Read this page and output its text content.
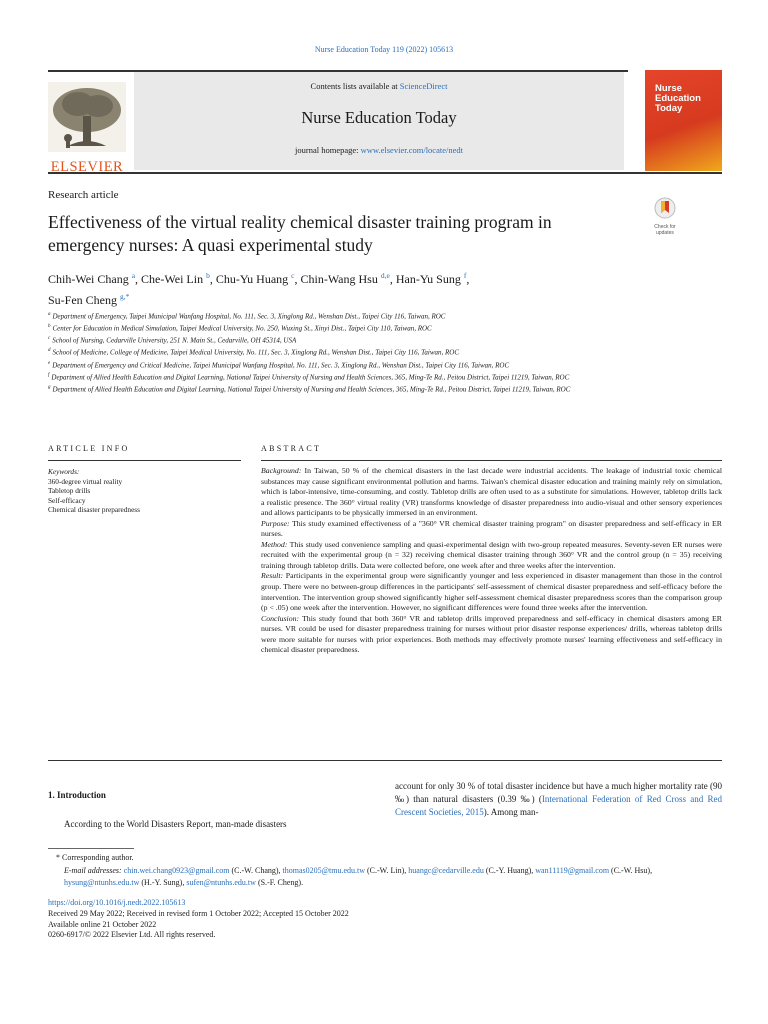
Nurse Education Today 119 (2022) 105613
ELSEVIER
Contents lists available at ScienceDirect
Nurse Education Today
journal homepage: www.elsevier.com/locate/nedt
Nurse Education Today
Research article
Effectiveness of the virtual reality chemical disaster training program in emergency nurses: A quasi experimental study
Check for updates
Chih-Wei Chang $^a$, Che-Wei Lin $^b$, Chu-Yu Huang $^c$, Chin-Wang Hsu $^{d,e}$, Han-Yu Sung $^f$,
Su-Fen Cheng $^{g,*}$
$^a$ Department of Emergency, Taipei Municipal Wanfang Hospital, No. 111, Sec. 3, Xinglong Rd., Wenshan Dist., Taipei City 116, Taiwan, ROC
$^b$ Center for Education in Medical Simulation, Taipei Medical University, No. 250, Wuxing St., Xinyi Dist., Taipei City 110, Taiwan, ROC
$^c$ School of Nursing, Cedarville University, 251 N. Main St., Cedarville, OH 45314, USA
$^d$ School of Medicine, College of Medicine, Taipei Medical University, No. 111, Sec. 3, Xinglong Rd., Wenshan Dist., Taipei City 116, Taiwan, ROC
$^e$ Department of Emergency and Critical Medicine, Taipei Municipal Wanfang Hospital, No. 111, Sec. 3, Xinglong Rd., Wenshan Dist., Taipei City 116, Taiwan, ROC
$^f$ Department of Allied Health Education and Digital Learning, National Taipei University of Nursing and Health Sciences, 365, Ming-Te Rd., Peitou District, Taipei 11219, Taiwan, ROC
$^g$ Department of Allied Health Education and Digital Learning, National Taipei University of Nursing and Health Sciences, 365, Ming-Te Rd., Peitou District, Taipei 11219, Taiwan, ROC
ARTICLE INFO	ABSTRACT
Keywords:
360-degree virtual reality
Tabletop drills
Self-efficacy
Chemical disaster preparedness

Background: In Taiwan, 50 % of the chemical disasters in the last decade were industrial accidents. The leakage of industrial toxic chemical substances may cause significant environmental pollution and harms. Taiwan's chemical disaster education and training mainly rely on simulation, which is labor-intensive, time-consuming, and costly. Tabletop drills are often used to as a substitute for simulations. However, tabletop drills lack a realistic presence. The 360° virtual reality (VR) transforms knowledge of disaster preparedness into audio-visual and other sensory experiences and allows participants to be physically immersed in an environment.

Purpose: This study examined effectiveness of a "360° VR chemical disaster training program" on disaster preparedness and self-efficacy in ER nurses.

Method: This study used convenience sampling and quasi-experimental design with two-group repeated measures. Seventy-seven ER nurses were recruited with the experimental group (n = 32) receiving chemical disaster training through 360° VR and the control group (n = 35) receiving training through tabletop drills. Data were collected before, one week after and three weeks after the intervention.

Result: Participants in the experimental group were significantly younger and less experienced in disaster management than those in the control group. There were no between-group differences in the participants' self-assessment of chemical disaster preparedness and self-efficacy before the intervention. The intervention group showed significantly higher self-assessment chemical disaster preparedness scores than the comparison group (p < .05) one week after the intervention. However, no significant differences were found three weeks after the intervention.

Conclusion: This study found that both 360° VR and tabletop drills improved preparedness and self-efficacy in chemical disasters among ER nurses. VR could be used for disaster preparedness training for nurses without prior disaster response experiences/ drills, whereas tabletop drills were more suitable for nurses with prior experiences. Both methods may effectively promote nurses' learning effectiveness and self-efficacy in chemical disaster preparedness.

1. Introduction
According to the World Disasters Report, man-made disasters
account for only 30 % of total disaster incidence but have a much higher mortality rate (90 ‰) than natural disasters (0.39 ‰) (International Federation of Red Cross and Red Crescent Societies, 2015). Among man-
* Corresponding author.
E-mail addresses: chin.wei.chang0923@gmail.com (C.-W. Chang), thomas0205@tmu.edu.tw (C.-W. Lin), huangc@cedarville.edu (C.-Y. Huang), wan11119@gmail.com (C.-W. Hsu), hysung@ntunhs.edu.tw (H.-Y. Sung), sufen@ntunhs.edu.tw (S.-F. Cheng).
https://doi.org/10.1016/j.nedt.2022.105613
Received 29 May 2022; Received in revised form 1 October 2022; Accepted 15 October 2022
Available online 21 October 2022
0260-6917/© 2022 Elsevier Ltd. All rights reserved.
